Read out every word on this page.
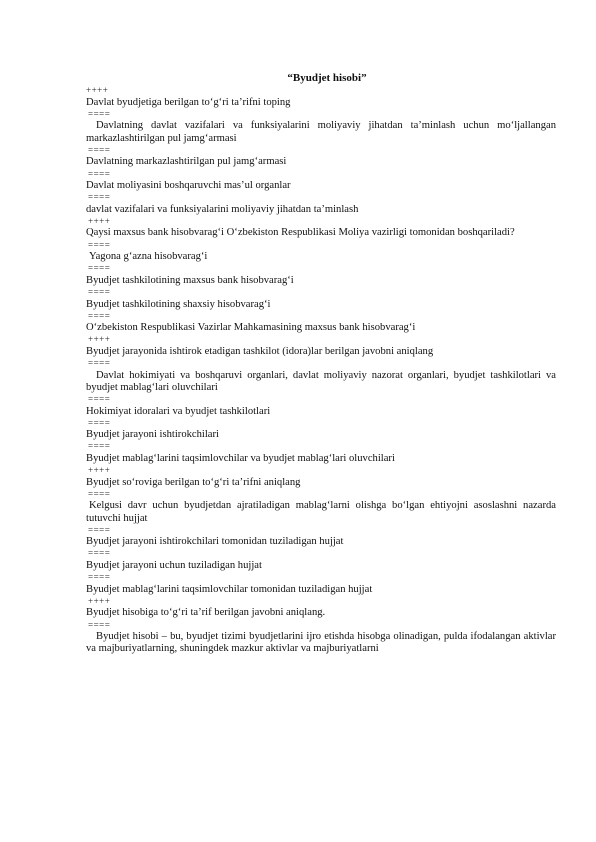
“Byudjet hisobi”
++++
Davlat byudjetiga berilgan to‘g‘ri ta’rifni toping
====
Davlatning davlat vazifalari va funksiyalarini moliyaviy jihatdan ta’minlash uchun mo‘ljallangan markazlashtirilgan pul jamg‘armasi
====
Davlatning markazlashtirilgan pul jamg‘armasi
====
Davlat moliyasini boshqaruvchi mas’ul organlar
====
davlat vazifalari va funksiyalarini moliyaviy jihatdan ta’minlash
++++
Qaysi maxsus bank hisobvarag‘i O‘zbekiston Respublikasi Moliya vazirligi tomonidan boshqariladi?
====
Yagona g‘azna hisobvarag‘i
====
Byudjet tashkilotining maxsus bank hisobvarag‘i
====
Byudjet tashkilotining shaxsiy hisobvarag‘i
====
O‘zbekiston Respublikasi Vazirlar Mahkamasining maxsus bank hisobvarag‘i
++++
Byudjet jarayonida ishtirok etadigan tashkilot (idora)lar berilgan javobni aniqlang
====
Davlat hokimiyati va boshqaruvi organlari, davlat moliyaviy nazorat organlari, byudjet tashkilotlari va byudjet mablag‘lari oluvchilari
====
Hokimiyat idoralari va byudjet tashkilotlari
====
Byudjet jarayoni ishtirokchilari
====
Byudjet mablag‘larini taqsimlovchilar va byudjet mablag‘lari oluvchilari
++++
Byudjet so‘roviga berilgan to‘g‘ri ta’rifni aniqlang
====
Kelgusi davr uchun byudjetdan ajratiladigan mablag‘larni olishga bo‘lgan ehtiyojni asoslashni nazarda tutuvchi hujjat
====
Byudjet jarayoni ishtirokchilari tomonidan tuziladigan hujjat
====
Byudjet jarayoni uchun tuziladigan hujjat
====
Byudjet mablag‘larini taqsimlovchilar tomonidan tuziladigan hujjat
++++
Byudjet hisobiga to‘g‘ri ta’rif berilgan javobni aniqlang.
====
Byudjet hisobi – bu, byudjet tizimi byudjetlarini ijro etishda hisobga olinadigan, pulda ifodalangan aktivlar va majburiyatlarning, shuningdek mazkur aktivlar va majburiyatlarni
